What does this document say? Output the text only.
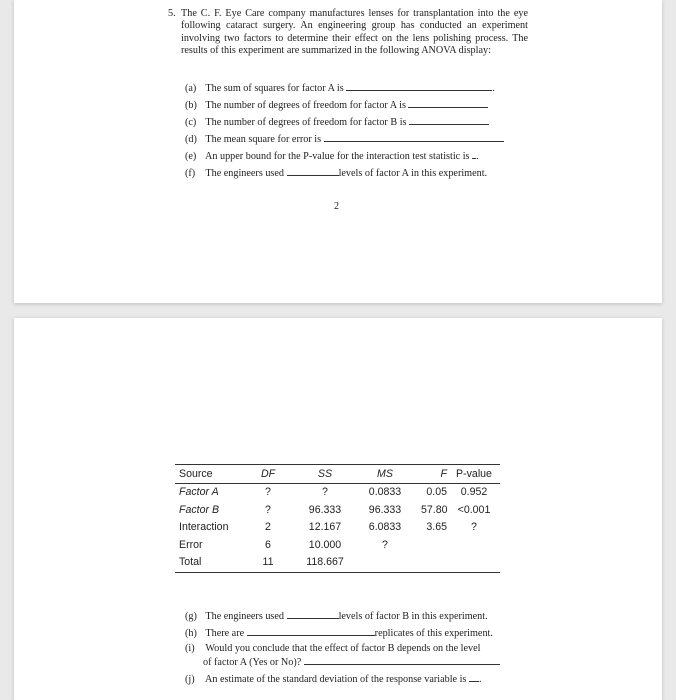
5. The C. F. Eye Care company manufactures lenses for transplantation into the eye following cataract surgery. An engineering group has conducted an experiment involving two factors to determine their effect on the lens polishing process. The results of this experiment are summarized in the following ANOVA display:
(a) The sum of squares for factor A is	.
(b) The number of degrees of freedom for factor A is
(c) The number of degrees of freedom for factor B is
(d) The mean square for error is
(e) An upper bound for the P-value for the interaction test statistic is .
(f) The engineers used	levels of factor A in this experiment.
2
Source	DF	SS	MS	F P-value
Factor A	?	?	0.0833	0.05	0.952
Factor B	?	96.333	96.333	57.80 <0.001
Interaction	2	12.167	6.0833	3.65	?
Error	6	10.000	?
Total	11	118.667
(g) The engineers used	levels of factor B in this experiment.
(h) There are	replicates of this experiment.
(i) Would you conclude that the effect of factor B depends on the level
of factor A (Yes or No)?
(j) An estimate of the standard deviation of the response variable is .
